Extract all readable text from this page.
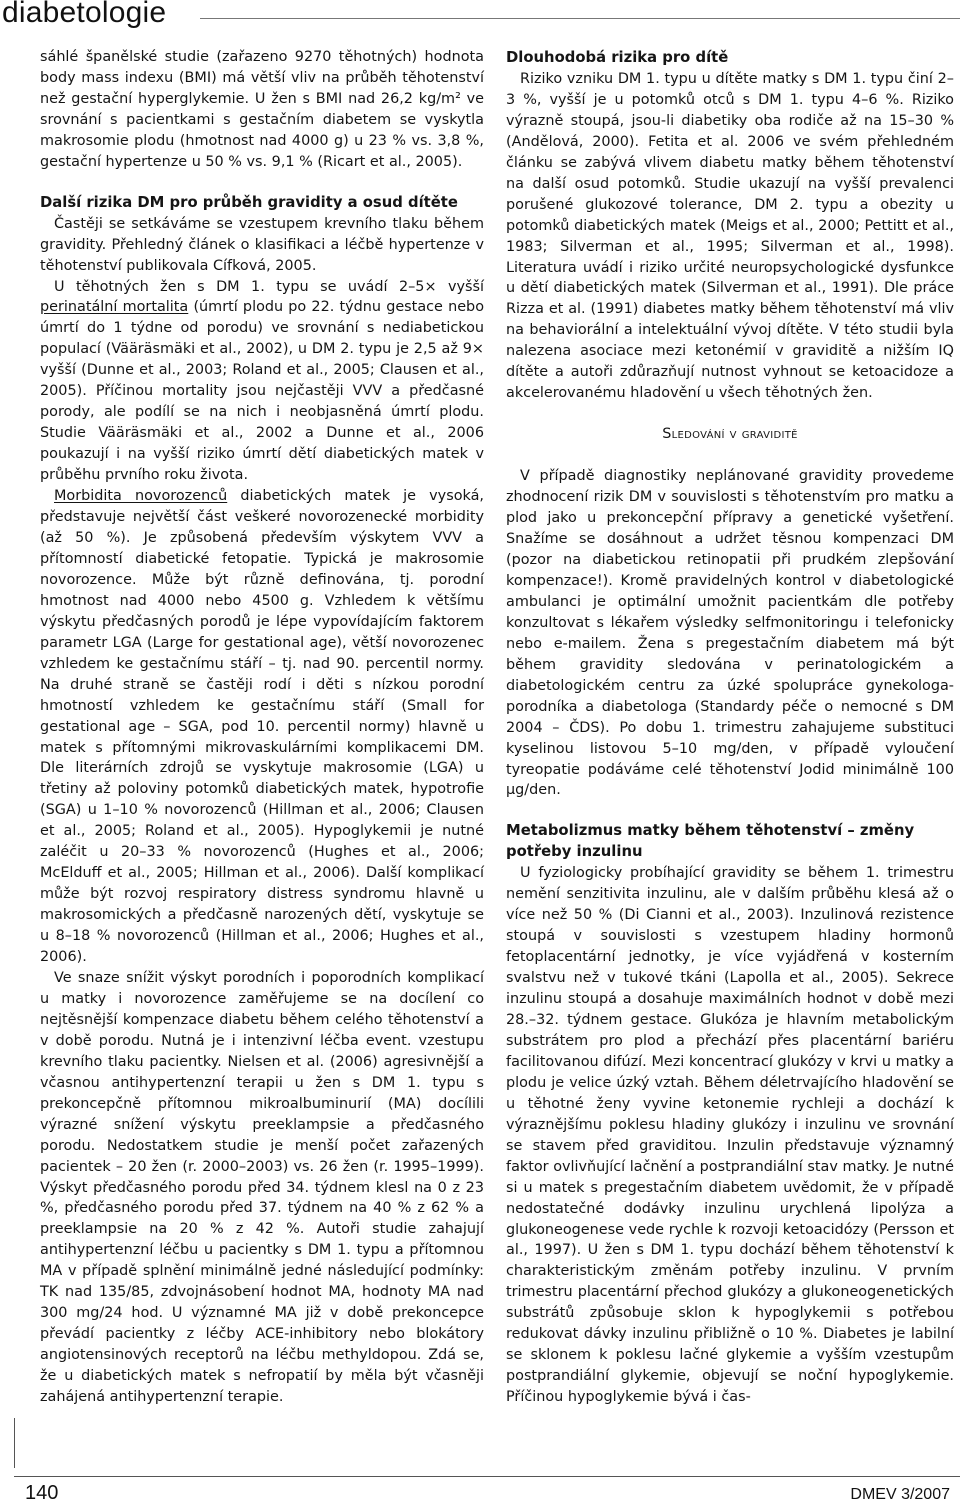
diabetologie

sáhlé španělské studie (zařazeno 9270 těhotných) hodnota body mass indexu (BMI) má větší vliv na průběh těhotenství než gestační hyperglykemie. U žen s BMI nad 26,2 kg/m² ve srovnání s pacientkami s gestačním diabetem se vyskytla makrosomie plodu (hmotnost nad 4000 g) u 23 % vs. 3,8 %, gestační hypertenze u 50 % vs. 9,1 % (Ricart et al., 2005).

Další rizika DM pro průběh gravidity a osud dítěte

Častěji se setkáváme se vzestupem krevního tlaku během gravidity. Přehledný článek o klasifikaci a léčbě hypertenze v těhotenství publikovala Cífková, 2005.

U těhotných žen s DM 1. typu se uvádí 2–5× vyšší perinatální mortalita (úmrtí plodu po 22. týdnu gestace nebo úmrtí do 1 týdne od porodu) ve srovnání s nediabetickou populací (Vääräsmäki et al., 2002), u DM 2. typu je 2,5 až 9× vyšší (Dunne et al., 2003; Roland et al., 2005; Clausen et al., 2005). Příčinou mortality jsou nejčastěji VVV a předčasné porody, ale podílí se na nich i neobjasněná úmrtí plodu. Studie Vääräsmäki et al., 2002 a Dunne et al., 2006 poukazují i na vyšší riziko úmrtí dětí diabetických matek v průběhu prvního roku života.

Morbidita novorozenců diabetických matek je vysoká, představuje největší část veškeré novorozenecké morbidity (až 50 %). Je způsobená především výskytem VVV a přítomností diabetické fetopatie. Typická je makrosomie novorozence. Může být různě definována, tj. porodní hmotnost nad 4000 nebo 4500 g. Vzhledem k většímu výskytu předčasných porodů je lépe vypovídajícím faktorem parametr LGA (Large for gestational age), větší novorozenec vzhledem ke gestačnímu stáří – tj. nad 90. percentil normy. Na druhé straně se častěji rodí i děti s nízkou porodní hmotností vzhledem ke gestačnímu stáří (Small for gestational age – SGA, pod 10. percentil normy) hlavně u matek s přítomnými mikrovaskulárními komplikacemi DM. Dle literárních zdrojů se vyskytuje makrosomie (LGA) u třetiny až poloviny potomků diabetických matek, hypotrofie (SGA) u 1–10 % novorozenců (Hillman et al., 2006; Clausen et al., 2005; Roland et al., 2005). Hypoglykemii je nutné zaléčit u 20–33 % novorozenců (Hughes et al., 2006; McElduff et al., 2005; Hillman et al., 2006). Další komplikací může být rozvoj respiratory distress syndromu hlavně u makrosomických a předčasně narozených dětí, vyskytuje se u 8–18 % novorozenců (Hillman et al., 2006; Hughes et al., 2006).

Ve snaze snížit výskyt porodních i poporodních komplikací u matky i novorozence zaměřujeme se na docílení co nejtěsnější kompenzace diabetu během celého těhotenství a v době porodu. Nutná je i intenzivní léčba event. vzestupu krevního tlaku pacientky. Nielsen et al. (2006) agresivnější a včasnou antihypertenzní terapii u žen s DM 1. typu s prekoncepčně přítomnou mikroalbuminurií (MA) docílili výrazné snížení výskytu preeklampsie a předčasného porodu. Nedostatkem studie je menší počet zařazených pacientek – 20 žen (r. 2000–2003) vs. 26 žen (r. 1995–1999). Výskyt předčasného porodu před 34. týdnem klesl na 0 z 23 %, předčasného porodu před 37. týdnem na 40 % z 62 % a preeklampsie na 20 % z 42 %. Autoři studie zahajují antihypertenzní léčbu u pacientky s DM 1. typu a přítomnou MA v případě splnění minimálně jedné následující podmínky: TK nad 135/85, zdvojnásobení hodnot MA, hodnoty MA nad 300 mg/24 hod. U významné MA již v době prekoncepce převádí pacientky z léčby ACE-inhibitory nebo blokátory angiotensinových receptorů na léčbu methyldopou. Zdá se, že u diabetických matek s nefropatií by měla být včasněji zahájená antihypertenzní terapie.

Dlouhodobá rizika pro dítě

Riziko vzniku DM 1. typu u dítěte matky s DM 1. typu činí 2–3 %, vyšší je u potomků otců s DM 1. typu 4–6 %. Riziko výrazně stoupá, jsou-li diabetiky oba rodiče až na 15–30 % (Andělová, 2000). Fetita et al. 2006 ve svém přehledném článku se zabývá vlivem diabetu matky během těhotenství na další osud potomků. Studie ukazují na vyšší prevalenci porušené glukozové tolerance, DM 2. typu a obezity u potomků diabetických matek (Meigs et al., 2000; Pettitt et al., 1983; Silverman et al., 1995; Silverman et al., 1998). Literatura uvádí i riziko určité neuropsychologické dysfunkce u dětí diabetických matek (Silverman et al., 1991). Dle práce Rizza et al. (1991) diabetes matky během těhotenství má vliv na behaviorální a intelektuální vývoj dítěte. V této studii byla nalezena asociace mezi ketonémií v graviditě a nižším IQ dítěte a autoři zdůrazňují nutnost vyhnout se ketoacidoze a akcelerovanému hladovění u všech těhotných žen.

Sledování v graviditě

V případě diagnostiky neplánované gravidity provedeme zhodnocení rizik DM v souvislosti s těhotenstvím pro matku a plod jako u prekoncepční přípravy a genetické vyšetření. Snažíme se dosáhnout a udržet těsnou kompenzaci DM (pozor na diabetickou retinopatii při prudkém zlepšování kompenzace!). Kromě pravidelných kontrol v diabetologické ambulanci je optimální umožnit pacientkám dle potřeby konzultovat s lékařem výsledky selfmonitoringu i telefonicky nebo e-mailem. Žena s pregestačním diabetem má být během gravidity sledována v perinatologickém a diabetologickém centru za úzké spolupráce gynekologa-porodníka a diabetologa (Standardy péče o nemocné s DM 2004 – ČDS). Po dobu 1. trimestru zahajujeme substituci kyselinou listovou 5–10 mg/den, v případě vyloučení tyreopatie podáváme celé těhotenství Jodid minimálně 100 µg/den.

Metabolizmus matky během těhotenství – změny potřeby inzulinu

U fyziologicky probíhající gravidity se během 1. trimestru nemění senzitivita inzulinu, ale v dalším průběhu klesá až o více než 50 % (Di Cianni et al., 2003). Inzulinová rezistence stoupá v souvislosti s vzestupem hladiny hormonů fetoplacentární jednotky, je více vyjádřená v kosterním svalstvu než v tukové tkáni (Lapolla et al., 2005). Sekrece inzulinu stoupá a dosahuje maximálních hodnot v době mezi 28.–32. týdnem gestace. Glukóza je hlavním metabolickým substrátem pro plod a přechází přes placentární bariéru facilitovanou difúzí. Mezi koncentrací glukózy v krvi u matky a plodu je velice úzký vztah. Během déletrvajícího hladovění se u těhotné ženy vyvine ketonemie rychleji a dochází k výraznějšímu poklesu hladiny glukózy i inzulinu ve srovnání se stavem před graviditou. Inzulin představuje významný faktor ovlivňující lačnění a postprandiální stav matky. Je nutné si u matek s pregestačním diabetem uvědomit, že v případě nedostatečné dodávky inzulinu urychlená lipolýza a glukoneogenese vede rychle k rozvoji ketoacidózy (Persson et al., 1997). U žen s DM 1. typu dochází během těhotenství k charakteristickým změnám potřeby inzulinu. V prvním trimestru placentární přechod glukózy a glukoneogenetických substrátů způsobuje sklon k hypoglykemii s potřebou redukovat dávky inzulinu přibližně o 10 %. Diabetes je labilní se sklonem k poklesu lačné glykemie a vyšším vzestupům postprandiální glykemie, objevují se noční hypoglykemie. Příčinou hypoglykemie bývá i čas-

140	DMEV 3/2007
